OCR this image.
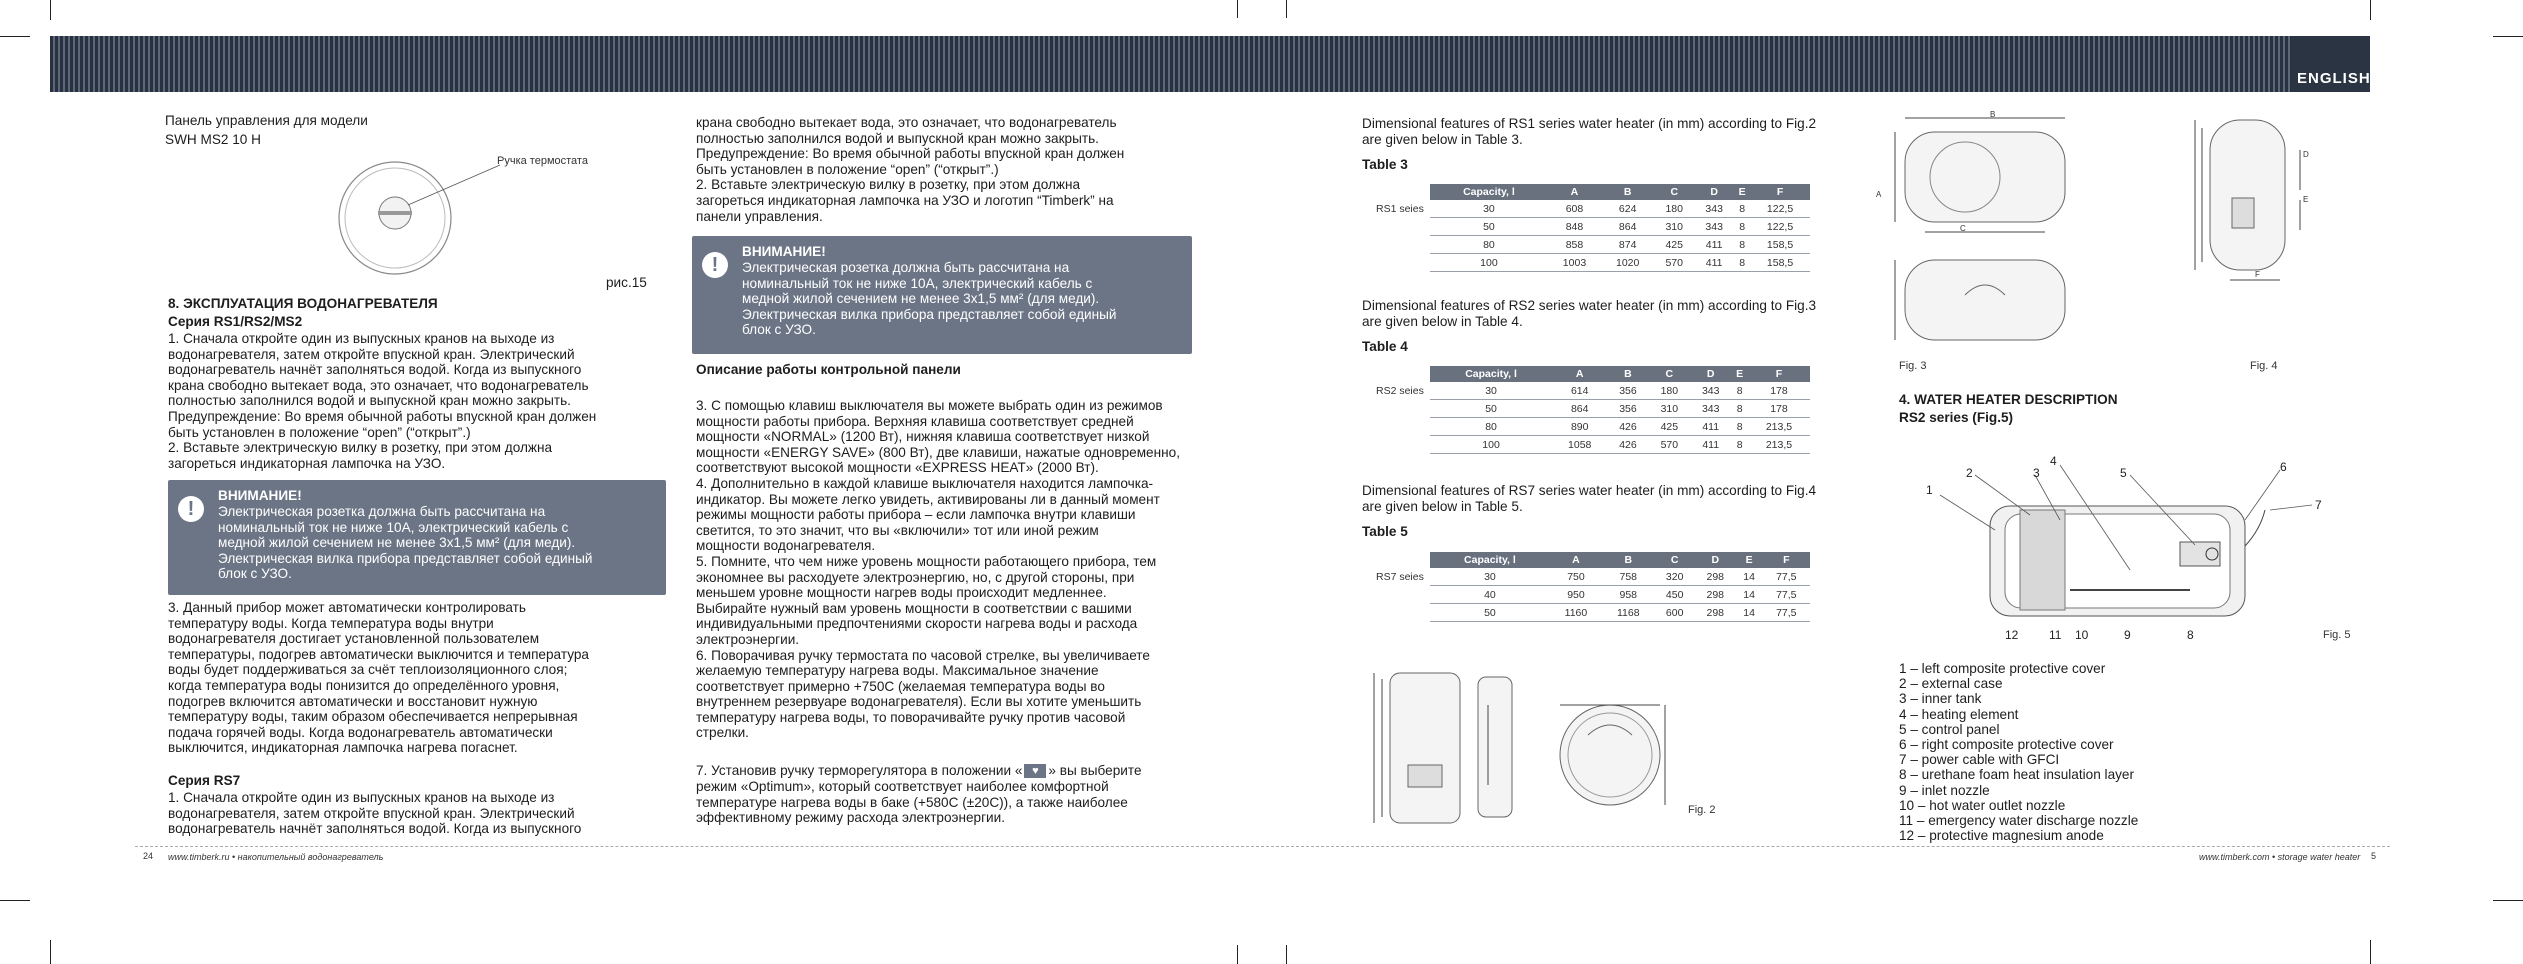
ENGLISH
Панель управления для модели
SWH MS2 10 H
Ручка термостата
рис.15
8. ЭКСПЛУАТАЦИЯ ВОДОНАГРЕВАТЕЛЯ
Серия RS1/RS2/MS2
1. Сначала откройте один из выпускных кранов на выходе из
водонагревателя, затем откройте впускной кран. Электрический
водонагреватель начнёт заполняться водой. Когда из выпускного
крана свободно вытекает вода, это означает, что водонагреватель
полностью заполнился водой и выпускной кран можно закрыть.
Предупреждение: Во время обычной работы впускной кран должен
быть установлен в положение “open” (“открыт”.)
2. Вставьте электрическую вилку в розетку, при этом должна
загореться индикаторная лампочка на УЗО.
!
ВНИМАНИЕ!
Электрическая розетка должна быть рассчитана на
номинальный ток не ниже 10А, электрический кабель с
медной жилой сечением не менее 3х1,5 мм² (для меди).
Электрическая вилка прибора представляет собой единый
блок с УЗО.
3. Данный прибор может автоматически контролировать
температуру воды. Когда температура воды внутри
водонагревателя достигает установленной пользователем
температуры, подогрев автоматически выключится и температура
воды будет поддерживаться за счёт теплоизоляционного слоя;
когда температура воды понизится до определённого уровня,
подогрев включится автоматически и восстановит нужную
температуру воды, таким образом обеспечивается непрерывная
подача горячей воды. Когда водонагреватель автоматически
выключится, индикаторная лампочка нагрева погаснет.
Серия RS7
1. Сначала откройте один из выпускных кранов на выходе из
водонагревателя, затем откройте впускной кран. Электрический
водонагреватель начнёт заполняться водой. Когда из выпускного
крана свободно вытекает вода, это означает, что водонагреватель
полностью заполнился водой и выпускной кран можно закрыть.
Предупреждение: Во время обычной работы впускной кран должен
быть установлен в положение “open” (“открыт”.)
2. Вставьте электрическую вилку в розетку, при этом должна
загореться индикаторная лампочка на УЗО и логотип “Timberk” на
панели управления.
!
ВНИМАНИЕ!
Электрическая розетка должна быть рассчитана на
номинальный ток не ниже 10А, электрический кабель с
медной жилой сечением не менее 3х1,5 мм² (для меди).
Электрическая вилка прибора представляет собой единый
блок с УЗО.
Описание работы контрольной панели
3. С помощью клавиш выключателя вы можете выбрать один из режимов
мощности работы прибора. Верхняя клавиша соответствует средней
мощности «NORMAL» (1200 Вт), нижняя клавиша соответствует низкой
мощности «ENERGY SAVE» (800 Вт), две клавиши, нажатые одновременно,
соответствуют высокой мощности «EXPRESS HEAT» (2000 Вт).
4. Дополнительно в каждой клавише выключателя находится лампочка-
индикатор. Вы можете легко увидеть, активированы ли в данный момент
режимы мощности работы прибора – если лампочка внутри клавиши
светится, то это значит, что вы «включили» тот или иной режим
мощности водонагревателя.
5. Помните, что чем ниже уровень мощности работающего прибора, тем
экономнее вы расходуете электроэнергию, но, с другой стороны, при
меньшем уровне мощности нагрев воды происходит медленнее.
Выбирайте нужный вам уровень мощности в соответствии с вашими
индивидуальными предпочтениями скорости нагрева воды и расхода
электроэнергии.
6. Поворачивая ручку термостата по часовой стрелке, вы увеличиваете
желаемую температуру нагрева воды. Максимальное значение
соответствует примерно +750С (желаемая температура воды во
внутреннем резервуаре водонагревателя). Если вы хотите уменьшить
температуру нагрева воды, то поворачивайте ручку против часовой
стрелки.
7. Установив ручку терморегулятора в положении « ♥ » вы выберите
режим «Optimum», который соответствует наиболее комфортной
температуре нагрева воды в баке (+580С (±20С)), а также наиболее
эффективному режиму расхода электроэнергии.
24 www.timberk.ru • накопительный водонагреватель	www.timberk.com • storage water heater 5
Dimensional features of RS1 series water heater (in mm) according to Fig.2
are given below in Table 3.
Table 3
	Capacity, l	A	B	C	D	E	F
RS1 seies	30	608	624	180	343	8	122,5
	50	848	864	310	343	8	122,5
	80	858	874	425	411	8	158,5
	100	1003	1020	570	411	8	158,5
Dimensional features of RS2 series water heater (in mm) according to Fig.3
are given below in Table 4.
Table 4
	Capacity, l	A	B	C	D	E	F
RS2 seies	30	614	356	180	343	8	178
	50	864	356	310	343	8	178
	80	890	426	425	411	8	213,5
	100	1058	426	570	411	8	213,5
Dimensional features of RS7 series water heater (in mm) according to Fig.4
are given below in Table 5.
Table 5
	Capacity, l	A	B	C	D	E	F
RS7 seies	30	750	758	320	298	14	77,5
	40	950	958	450	298	14	77,5
	50	1160	1168	600	298	14	77,5
Fig. 2
Fig. 3	Fig. 4
4. WATER HEATER DESCRIPTION
RS2 series (Fig.5)
1
2	3
4
5	6
7
8
9
10
11
12	Fig. 5
1 – left composite protective cover
2 – external case
3 – inner tank
4 – heating element
5 – control panel
6 – right composite protective cover
7 – power cable with GFCI
8 – urethane foam heat insulation layer
9 – inlet nozzle
10 – hot water outlet nozzle
11 – emergency water discharge nozzle
12 – protective magnesium anode
A
B
C
D
E
F
